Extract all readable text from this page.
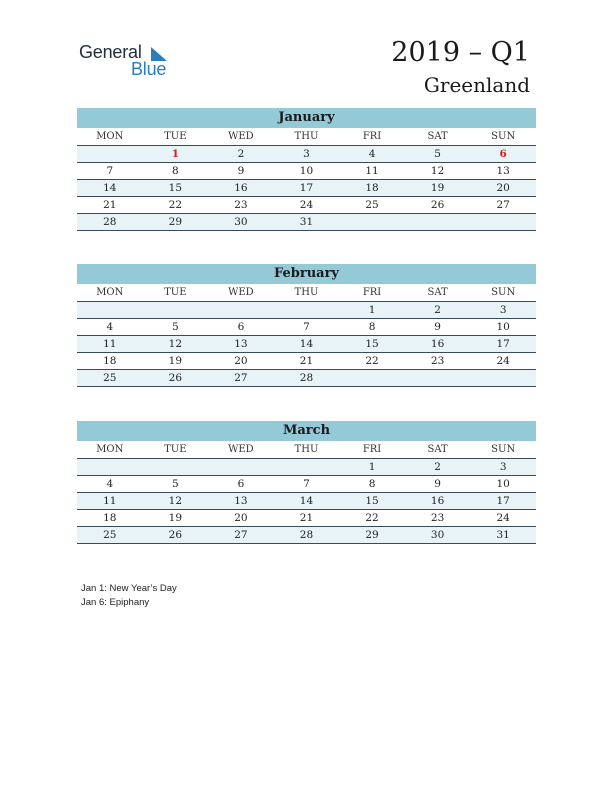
General
Blue
2019 – Q1
Greenland
January
MON	TUE	WED	THU	FRI	SAT	SUN
	1	2	3	4	5	6
7	8	9	10	11	12	13
14	15	16	17	18	19	20
21	22	23	24	25	26	27
28	29	30	31			
February
MON	TUE	WED	THU	FRI	SAT	SUN
				1	2	3
4	5	6	7	8	9	10
11	12	13	14	15	16	17
18	19	20	21	22	23	24
25	26	27	28			
March
MON	TUE	WED	THU	FRI	SAT	SUN
				1	2	3
4	5	6	7	8	9	10
11	12	13	14	15	16	17
18	19	20	21	22	23	24
25	26	27	28	29	30	31
Jan 1: New Year’s Day
Jan 6: Epiphany
